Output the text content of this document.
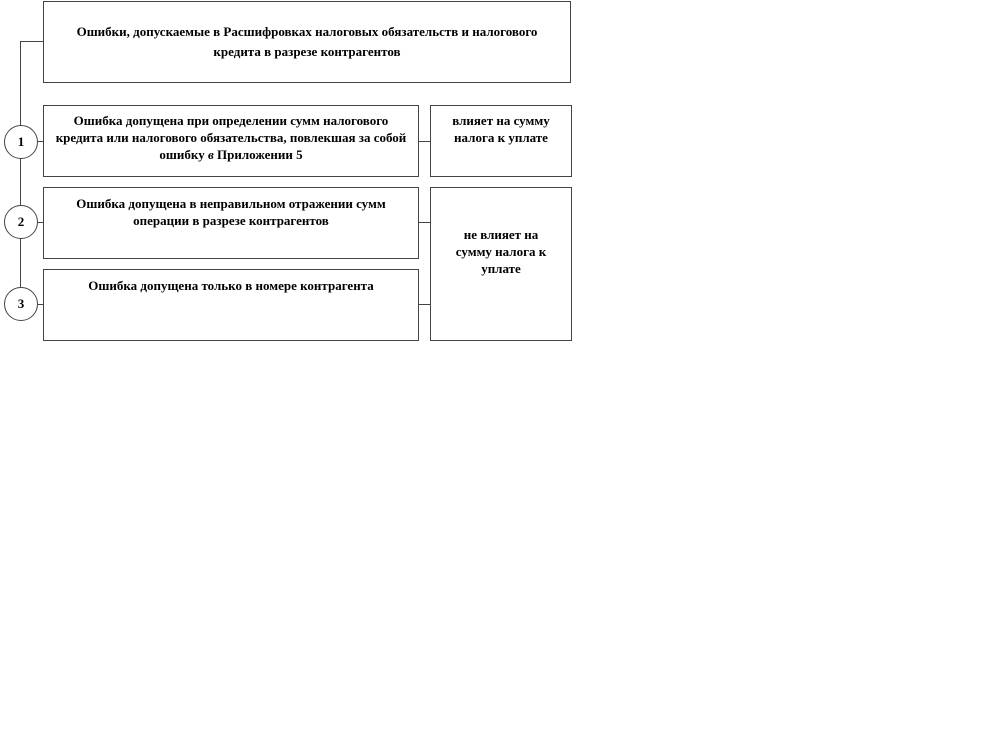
Ошибки, допускаемые в Расшифровках налоговых обязательств и налогового кредита в разрезе контрагентов
1
2
3
Ошибка допущена при определении сумм налогового кредита или налогового обязательства, повлекшая за собой ошибку в Приложении 5
Ошибка допущена в неправильном отражении сумм операции в разрезе контрагентов
Ошибка допущена только в номере контрагента
влияет на сумму налога к уплате
не влияет на сумму налога к уплате
